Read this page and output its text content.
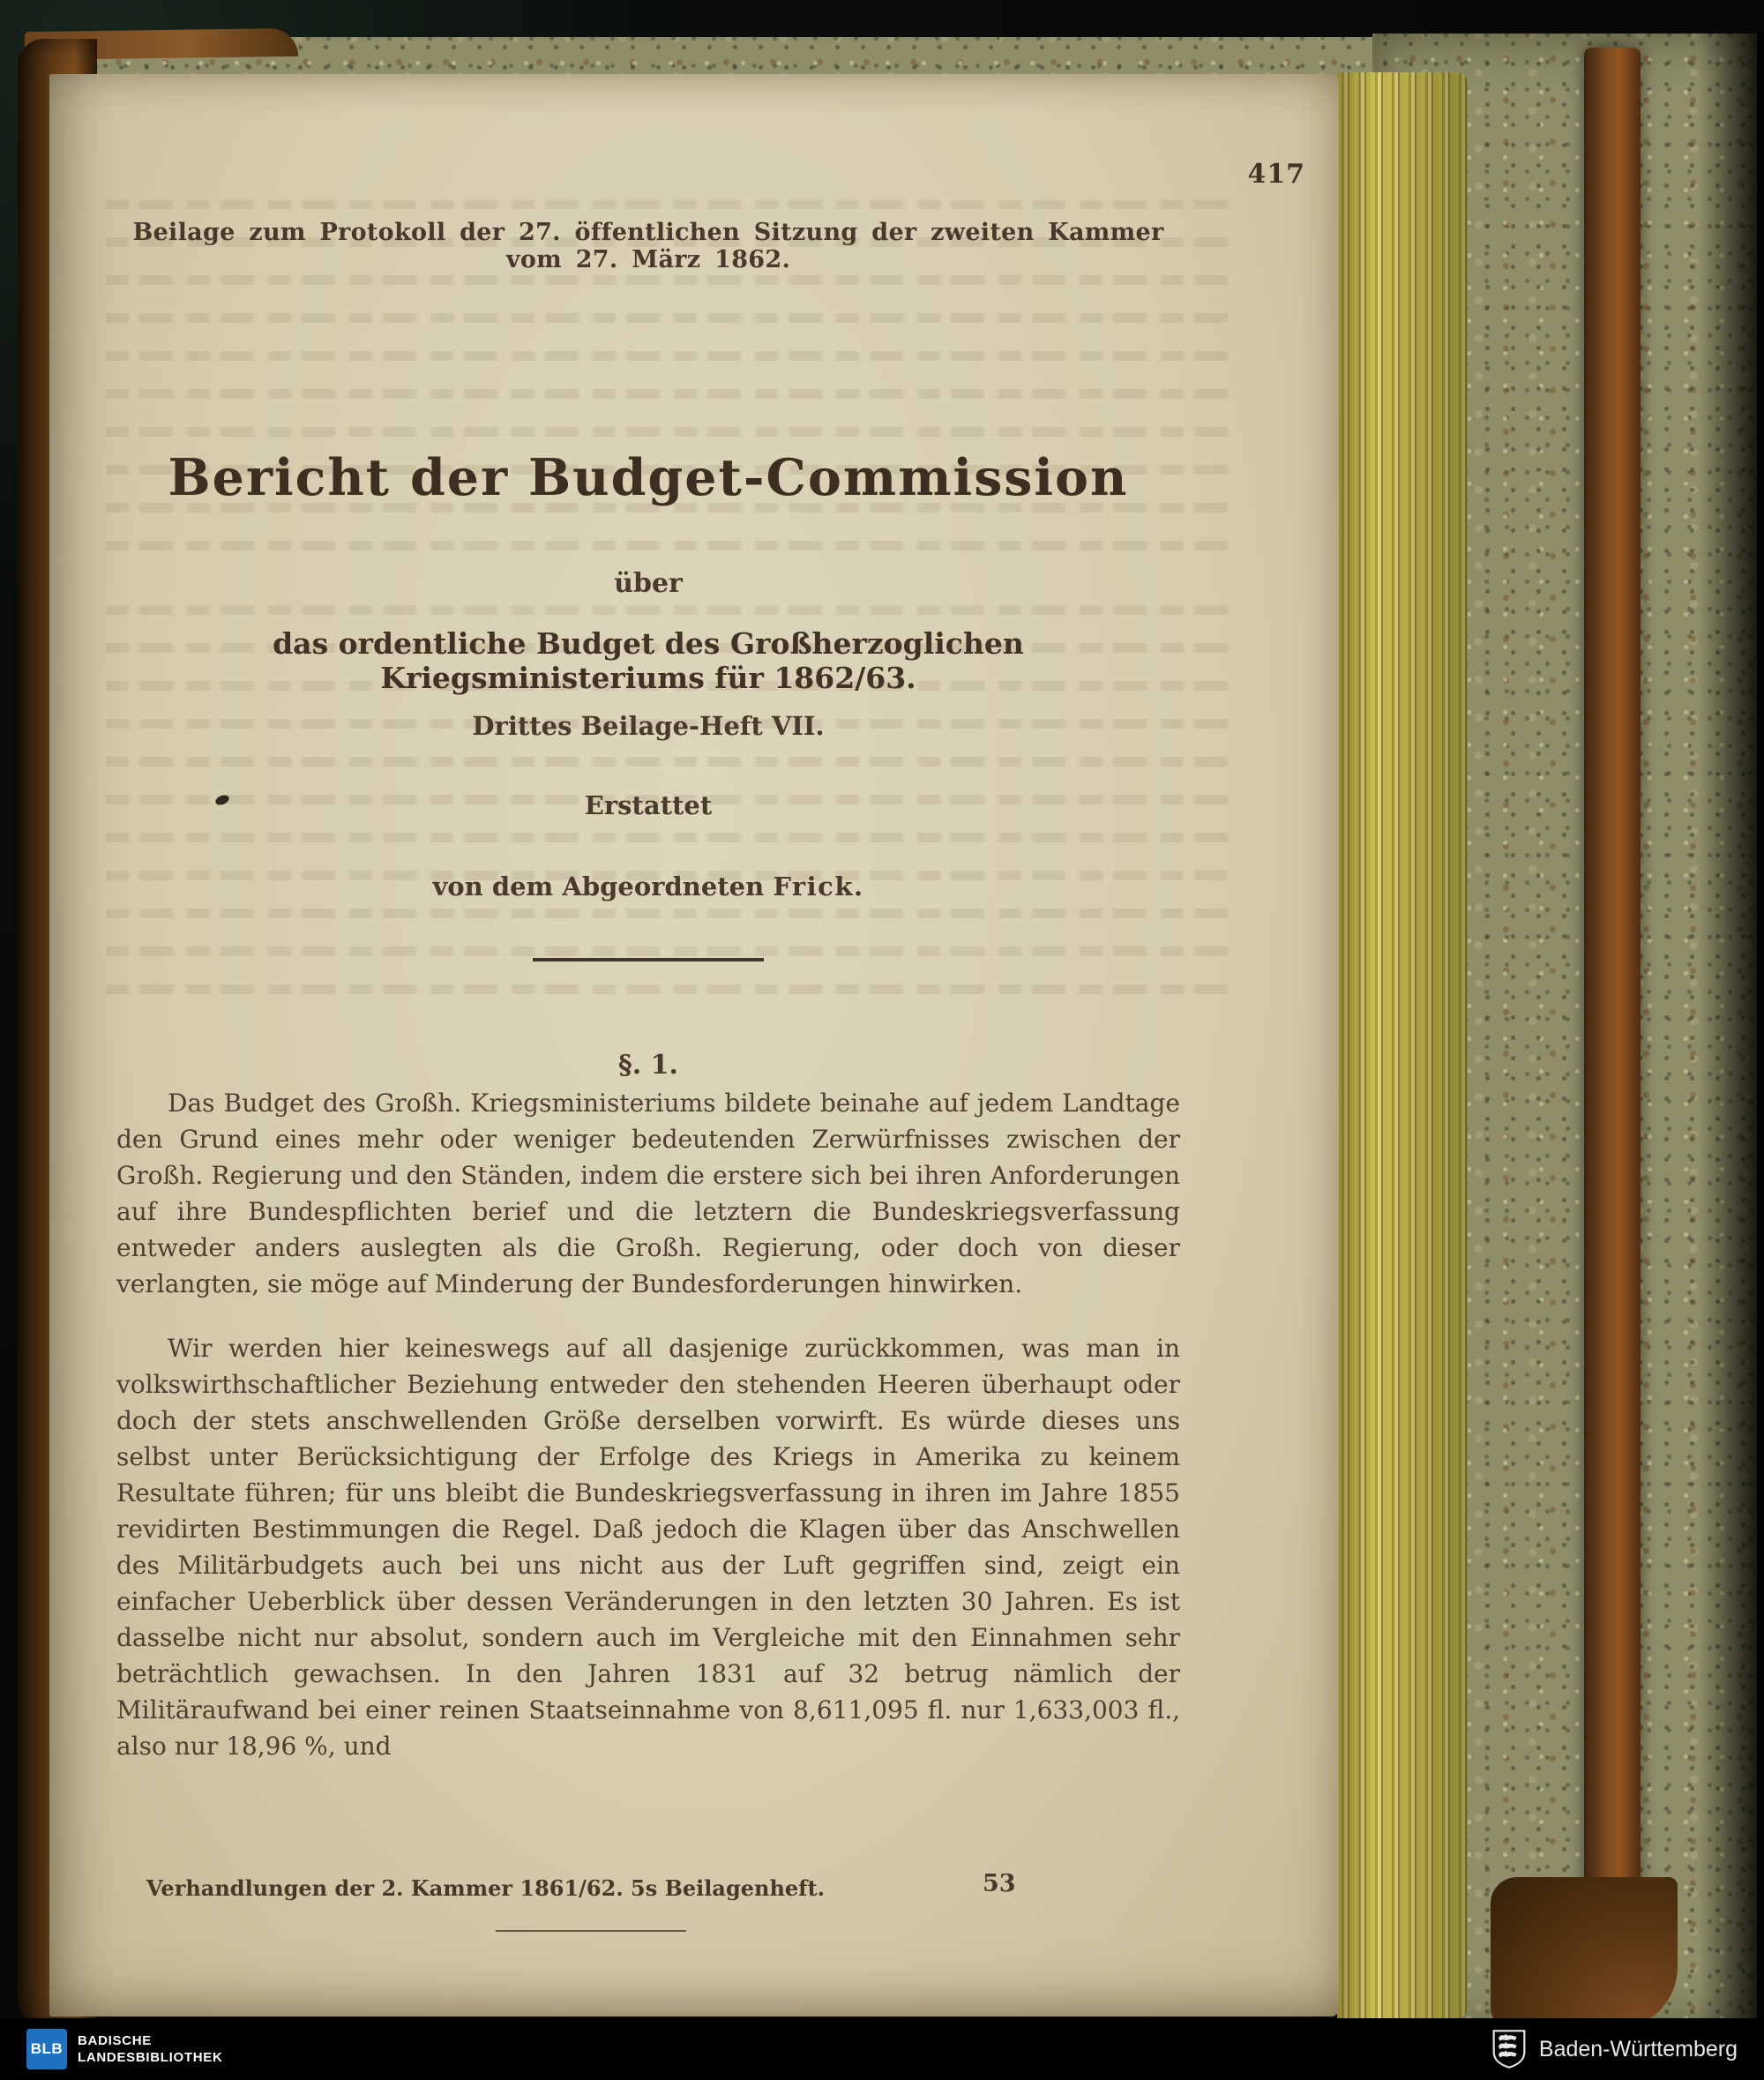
417
Beilage zum Protokoll der 27. öffentlichen Sitzung der zweiten Kammer vom 27. März 1862.
Bericht der Budget-Commission
über
das ordentliche Budget des Großherzoglichen Kriegsministeriums für 1862/63.
Drittes Beilage-Heft VII.
Erstattet
von dem Abgeordneten Frick.
§. 1.

Das Budget des Großh. Kriegsministeriums bildete beinahe auf jedem Landtage den Grund eines mehr oder weniger bedeutenden Zerwürfnisses zwischen der Großh. Regierung und den Ständen, indem die erstere sich bei ihren Anforderungen auf ihre Bundespflichten berief und die letztern die Bundeskriegsverfassung entweder anders auslegten als die Großh. Regierung, oder doch von dieser verlangten, sie möge auf Minderung der Bundesforderungen hinwirken.

Wir werden hier keineswegs auf all dasjenige zurückkommen, was man in volkswirthschaftlicher Beziehung entweder den stehenden Heeren überhaupt oder doch der stets anschwellenden Größe derselben vorwirft. Es würde dieses uns selbst unter Berücksichtigung der Erfolge des Kriegs in Amerika zu keinem Resultate führen; für uns bleibt die Bundeskriegsverfassung in ihren im Jahre 1855 revidirten Bestimmungen die Regel. Daß jedoch die Klagen über das Anschwellen des Militärbudgets auch bei uns nicht aus der Luft gegriffen sind, zeigt ein einfacher Ueberblick über dessen Veränderungen in den letzten 30 Jahren. Es ist dasselbe nicht nur absolut, sondern auch im Vergleiche mit den Einnahmen sehr beträchtlich gewachsen. In den Jahren 1831 auf 32 betrug nämlich der Militäraufwand bei einer reinen Staatseinnahme von 8,611,095 fl. nur 1,633,003 fl., also nur 18,96 %, und

Verhandlungen der 2. Kammer 1861/62. 5s Beilagenheft.	53
BLB BADISCHE
LANDESBIBLIOTHEK	Baden-Württemberg
